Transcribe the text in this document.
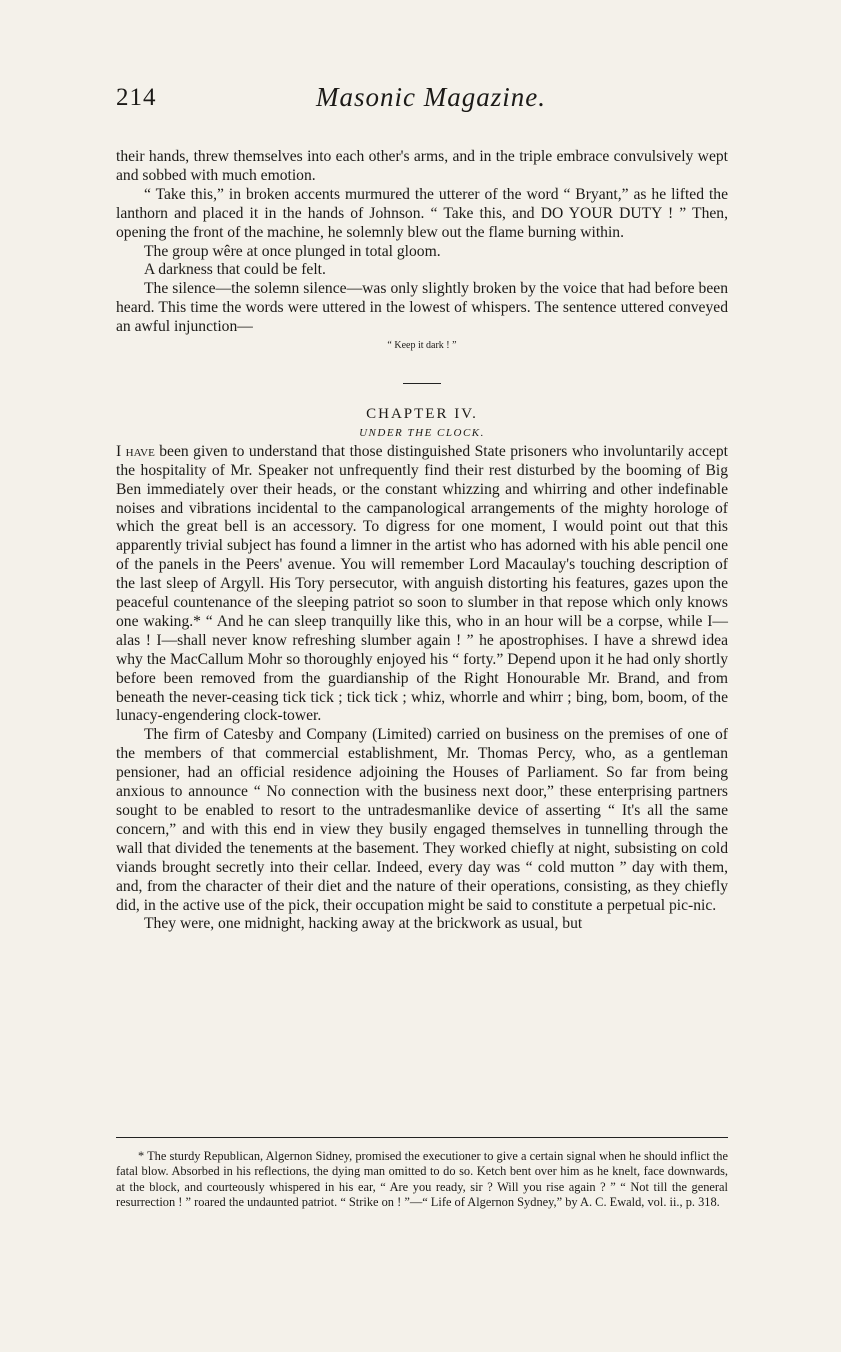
214	Masonic Magazine.

their hands, threw themselves into each other's arms, and in the triple embrace convulsively wept and sobbed with much emotion.

“ Take this,” in broken accents murmured the utterer of the word “ Bryant,” as he lifted the lanthorn and placed it in the hands of Johnson. “ Take this, and DO YOUR DUTY ! ” Then, opening the front of the machine, he solemnly blew out the flame burning within.

The group wêre at once plunged in total gloom.

A darkness that could be felt.

The silence—the solemn silence—was only slightly broken by the voice that had before been heard. This time the words were uttered in the lowest of whispers. The sentence uttered conveyed an awful injunction—

“ Keep it dark ! ”

CHAPTER IV.

UNDER THE CLOCK.

I have been given to understand that those distinguished State prisoners who involuntarily accept the hospitality of Mr. Speaker not unfrequently find their rest disturbed by the booming of Big Ben immediately over their heads, or the constant whizzing and whirring and other indefinable noises and vibrations incidental to the campanological arrangements of the mighty horologe of which the great bell is an accessory. To digress for one moment, I would point out that this apparently trivial subject has found a limner in the artist who has adorned with his able pencil one of the panels in the Peers' avenue. You will remember Lord Macaulay's touching description of the last sleep of Argyll. His Tory persecutor, with anguish distorting his features, gazes upon the peaceful countenance of the sleeping patriot so soon to slumber in that repose which only knows one waking.* “ And he can sleep tranquilly like this, who in an hour will be a corpse, while I—alas ! I—shall never know refreshing slumber again ! ” he apostrophises. I have a shrewd idea why the MacCallum Mohr so thoroughly enjoyed his “ forty.” Depend upon it he had only shortly before been removed from the guardianship of the Right Honourable Mr. Brand, and from beneath the never-ceasing tick tick ; tick tick ; whiz, whorrle and whirr ; bing, bom, boom, of the lunacy-engendering clock-tower.

The firm of Catesby and Company (Limited) carried on business on the premises of one of the members of that commercial establishment, Mr. Thomas Percy, who, as a gentleman pensioner, had an official residence adjoining the Houses of Parliament. So far from being anxious to announce “ No connection with the business next door,” these enterprising partners sought to be enabled to resort to the untradesmanlike device of asserting “ It's all the same concern,” and with this end in view they busily engaged themselves in tunnelling through the wall that divided the tenements at the basement. They worked chiefly at night, subsisting on cold viands brought secretly into their cellar. Indeed, every day was “ cold mutton ” day with them, and, from the character of their diet and the nature of their operations, consisting, as they chiefly did, in the active use of the pick, their occupation might be said to constitute a perpetual pic-nic.

They were, one midnight, hacking away at the brickwork as usual, but

* The sturdy Republican, Algernon Sidney, promised the executioner to give a certain signal when he should inflict the fatal blow. Absorbed in his reflections, the dying man omitted to do so. Ketch bent over him as he knelt, face downwards, at the block, and courteously whispered in his ear, “ Are you ready, sir ? Will you rise again ? ” “ Not till the general resurrection ! ” roared the undaunted patriot. “ Strike on ! ”—“ Life of Algernon Sydney,” by A. C. Ewald, vol. ii., p. 318.
